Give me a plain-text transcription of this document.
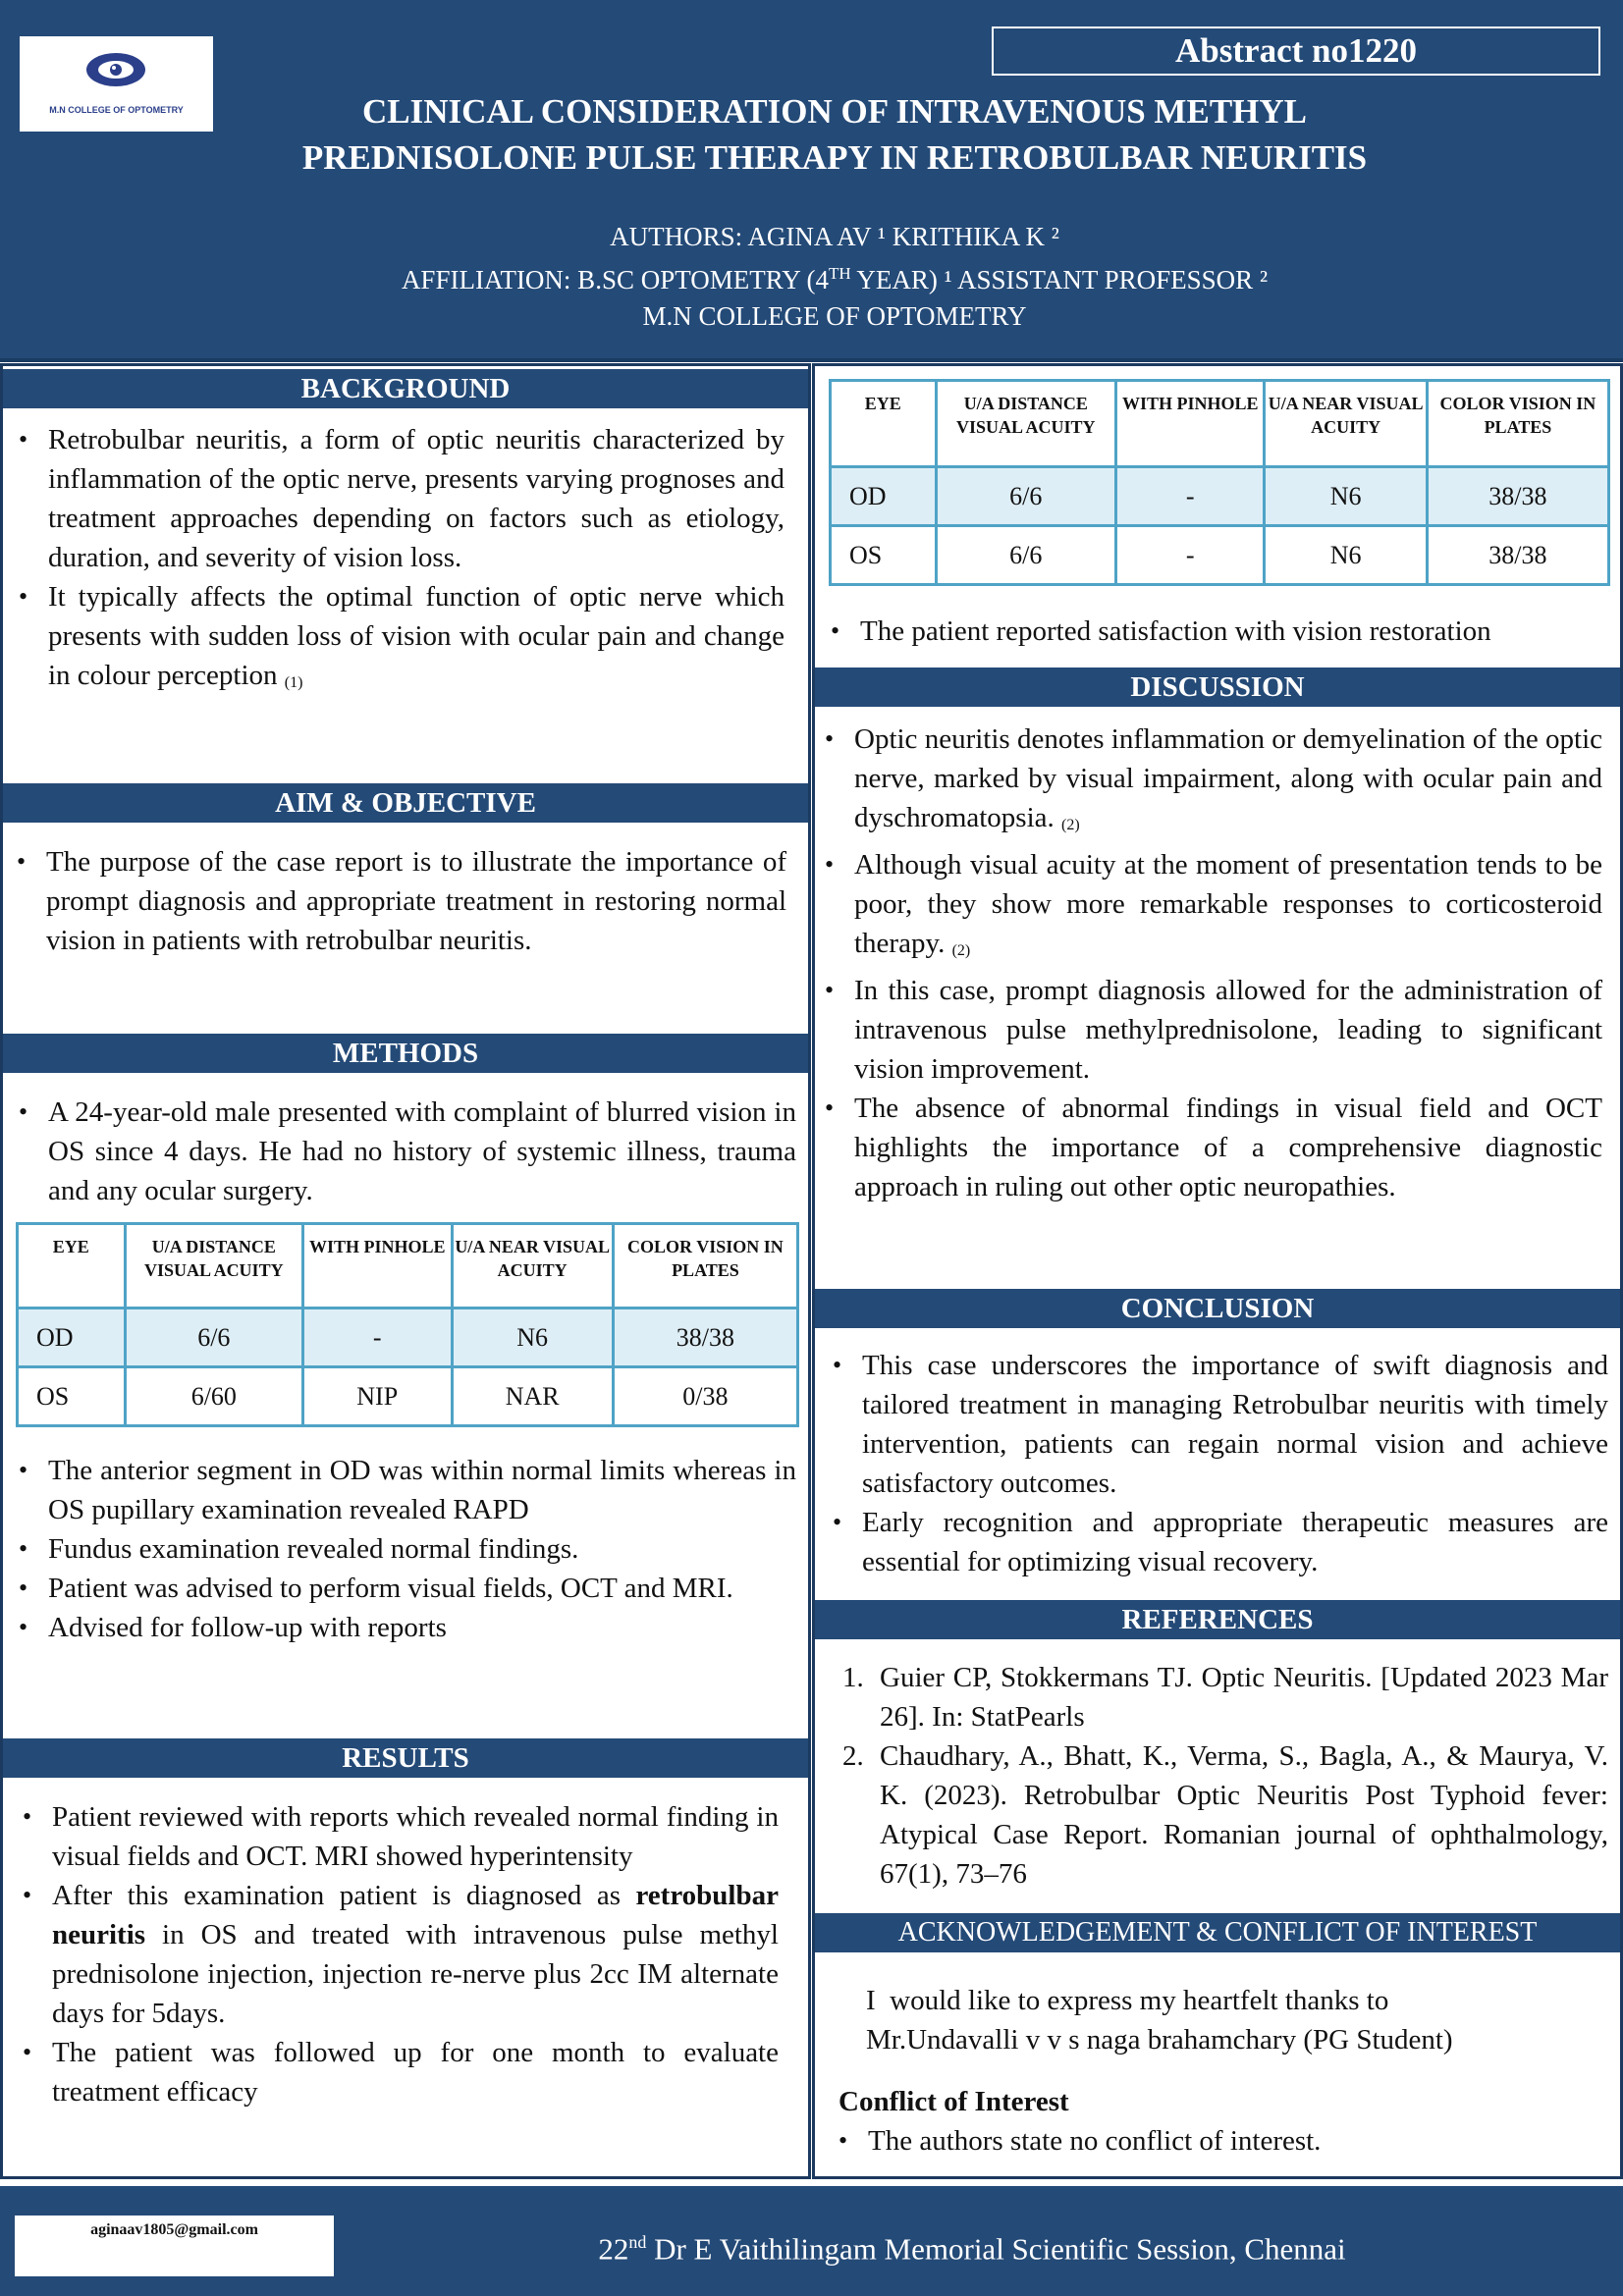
M.N COLLEGE OF OPTOMETRY
Abstract no1220
CLINICAL CONSIDERATION OF INTRAVENOUS METHYL
PREDNISOLONE PULSE THERAPY IN RETROBULBAR NEURITIS
AUTHORS: AGINA AV ¹ KRITHIKA K ²
AFFILIATION: B.SC OPTOMETRY (4TH YEAR) ¹ ASSISTANT PROFESSOR ²
M.N COLLEGE OF OPTOMETRY
BACKGROUND
• Retrobulbar neuritis, a form of optic neuritis characterized by inflammation of the optic nerve, presents varying prognoses and treatment approaches depending on factors such as etiology, duration, and severity of vision loss.
• It typically affects the optimal function of optic nerve which presents with sudden loss of vision with ocular pain and change in colour perception (1)
AIM & OBJECTIVE
• The purpose of the case report is to illustrate the importance of prompt diagnosis and appropriate treatment in restoring normal vision in patients with retrobulbar neuritis.
METHODS
• A 24-year-old male presented with complaint of blurred vision in OS since 4 days. He had no history of systemic illness, trauma and any ocular surgery.
EYE	U/A DISTANCE VISUAL ACUITY	WITH PINHOLE	U/A NEAR VISUAL ACUITY	COLOR VISION IN PLATES
OD	6/6	-	N6	38/38
OS	6/60	NIP	NAR	0/38
• The anterior segment in OD was within normal limits whereas in OS pupillary examination revealed RAPD
• Fundus examination revealed normal findings.
• Patient was advised to perform visual fields, OCT and MRI.
• Advised for follow-up with reports
RESULTS
• Patient reviewed with reports which revealed normal finding in visual fields and OCT. MRI showed hyperintensity
• After this examination patient is diagnosed as retrobulbar neuritis in OS and treated with intravenous pulse methyl prednisolone injection, injection re-nerve plus 2cc IM alternate days for 5days.
• The patient was followed up for one month to evaluate treatment efficacy
EYE	U/A DISTANCE VISUAL ACUITY	WITH PINHOLE	U/A NEAR VISUAL ACUITY	COLOR VISION IN PLATES
OD	6/6	-	N6	38/38
OS	6/6	-	N6	38/38
• The patient reported satisfaction with vision restoration
DISCUSSION
• Optic neuritis denotes inflammation or demyelination of the optic nerve, marked by visual impairment, along with ocular pain and dyschromatopsia. (2)
• Although visual acuity at the moment of presentation tends to be poor, they show more remarkable responses to corticosteroid therapy. (2)
• In this case, prompt diagnosis allowed for the administration of intravenous pulse methylprednisolone, leading to significant vision improvement.
• The absence of abnormal findings in visual field and OCT highlights the importance of a comprehensive diagnostic approach in ruling out other optic neuropathies.
CONCLUSION
• This case underscores the importance of swift diagnosis and tailored treatment in managing Retrobulbar neuritis with timely intervention, patients can regain normal vision and achieve satisfactory outcomes.
• Early recognition and appropriate therapeutic measures are essential for optimizing visual recovery.
REFERENCES
1. Guier CP, Stokkermans TJ. Optic Neuritis. [Updated 2023 Mar 26]. In: StatPearls
2. Chaudhary, A., Bhatt, K., Verma, S., Bagla, A., & Maurya, V. K. (2023). Retrobulbar Optic Neuritis Post Typhoid fever: Atypical Case Report. Romanian journal of ophthalmology, 67(1), 73–76
ACKNOWLEDGEMENT & CONFLICT OF INTEREST
I  would like to express my heartfelt thanks to
Mr.Undavalli v v s naga brahamchary (PG Student)
Conflict of Interest
• The authors state no conflict of interest.
aginaav1805@gmail.com
22nd Dr E Vaithilingam Memorial Scientific Session, Chennai
